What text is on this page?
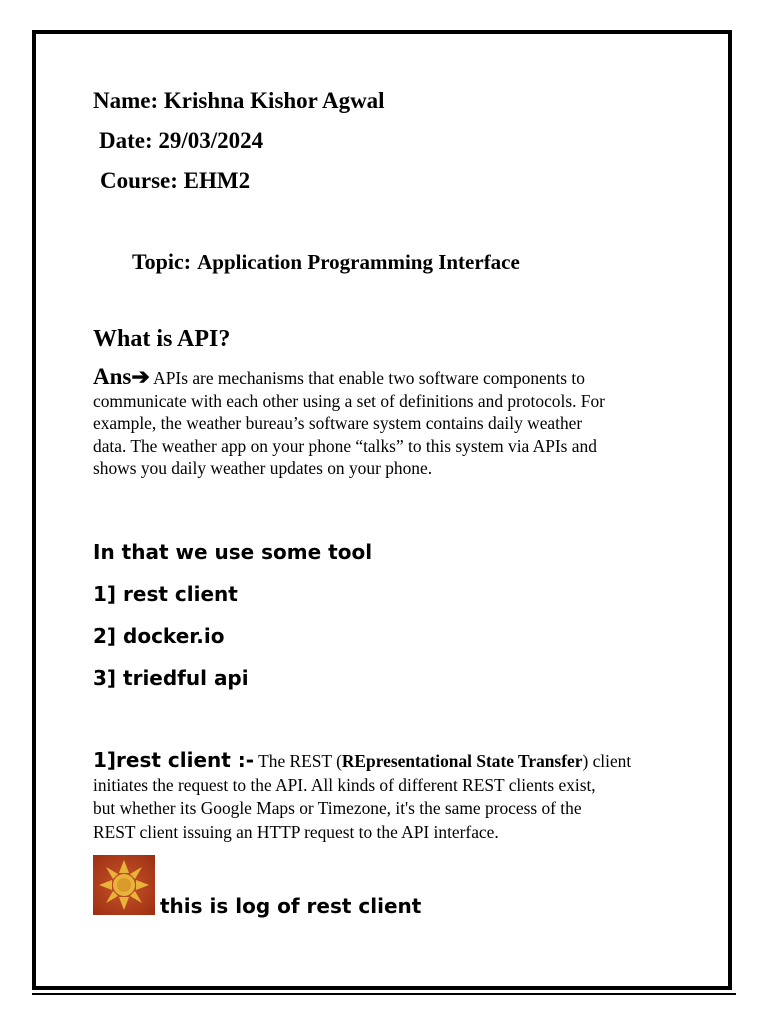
Name: Krishna Kishor Agwal
Date: 29/03/2024
Course: EHM2
Topic: Application Programming Interface
What is API?
Ans➔ APIs are mechanisms that enable two software components to
communicate with each other using a set of definitions and protocols. For
example, the weather bureau’s software system contains daily weather
data. The weather app on your phone “talks” to this system via APIs and
shows you daily weather updates on your phone.
In that we use some tool
1] rest client
2] docker.io
3] triedful api
1]rest client :- The REST (REpresentational State Transfer) client
initiates the request to the API. All kinds of different REST clients exist,
but whether its Google Maps or Timezone, it's the same process of the
REST client issuing an HTTP request to the API interface.
this is log of rest client
